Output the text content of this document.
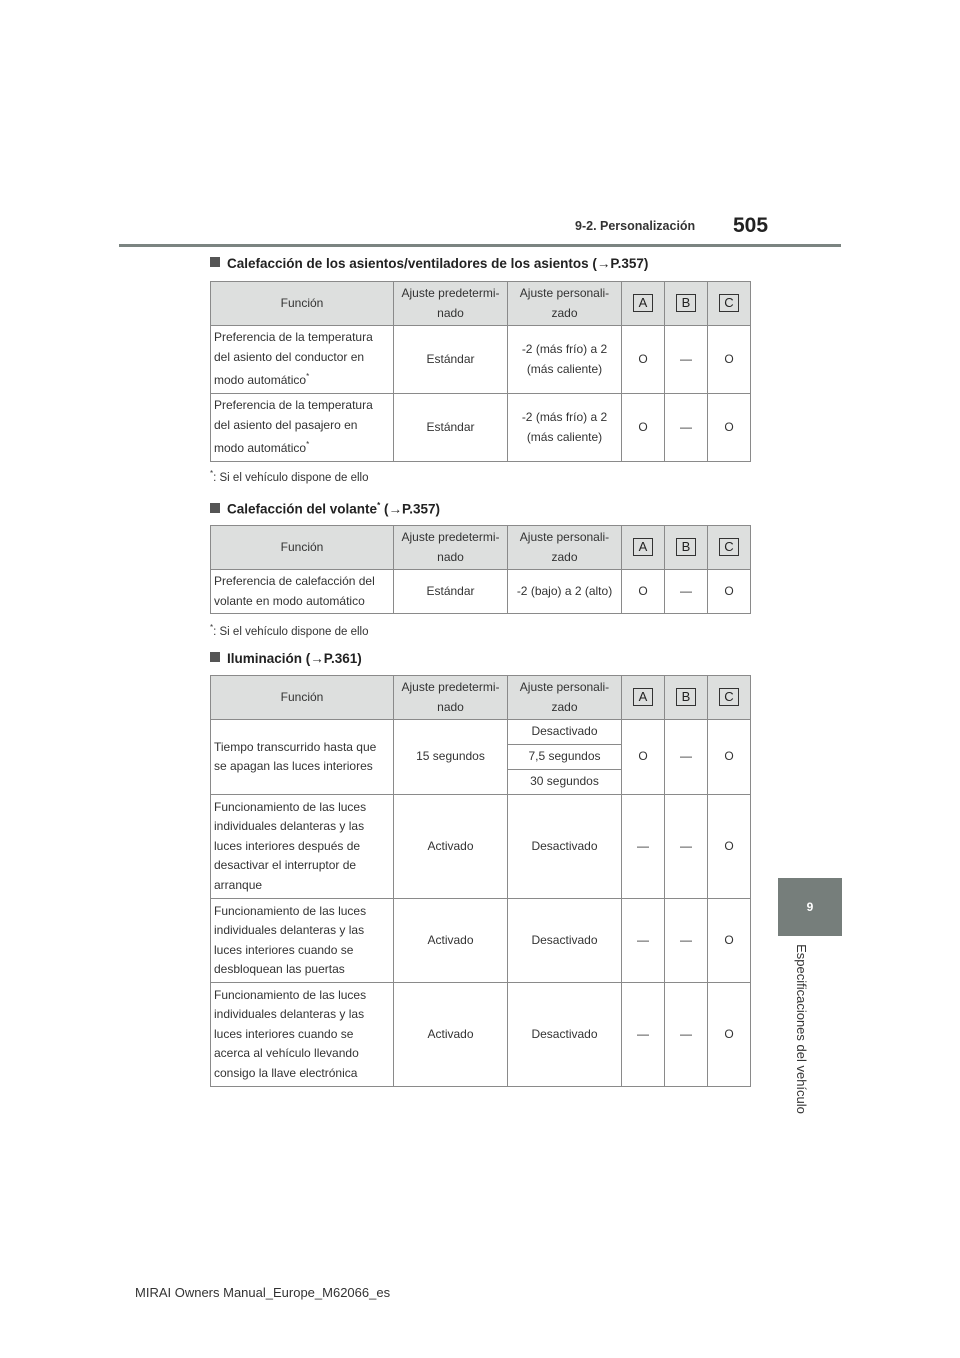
9-2. Personalización 505
9
Especificaciones del vehículo
Calefacción de los asientos/ventiladores de los asientos (→P.357)
Función	Ajuste predetermi- nado	Ajuste personali- zado	A	B	C
Preferencia de la temperatura del asiento del conductor en modo automático*	Estándar	-2 (más frío) a 2 (más caliente)	O	—	O
Preferencia de la temperatura del asiento del pasajero en modo automático*	Estándar	-2 (más frío) a 2 (más caliente)	O	—	O
*: Si el vehículo dispone de ello
Calefacción del volante* (→P.357)
Función	Ajuste predetermi- nado	Ajuste personali- zado	A	B	C
Preferencia de calefacción del volante en modo automático	Estándar	-2 (bajo) a 2 (alto)	O	—	O
*: Si el vehículo dispone de ello
Iluminación (→P.361)
Función	Ajuste predetermi- nado	Ajuste personali- zado	A	B	C
Tiempo transcurrido hasta que se apagan las luces interiores	15 segundos	Desactivado	O	—	O
		7,5 segundos			
		30 segundos			
Funcionamiento de las luces individuales delanteras y las luces interiores después de desactivar el interruptor de arranque	Activado	Desactivado	—	—	O
Funcionamiento de las luces individuales delanteras y las luces interiores cuando se desbloquean las puertas	Activado	Desactivado	—	—	O
Funcionamiento de las luces individuales delanteras y las luces interiores cuando se acerca al vehículo llevando consigo la llave electrónica	Activado	Desactivado	—	—	O
MIRAI Owners Manual_Europe_M62066_es
